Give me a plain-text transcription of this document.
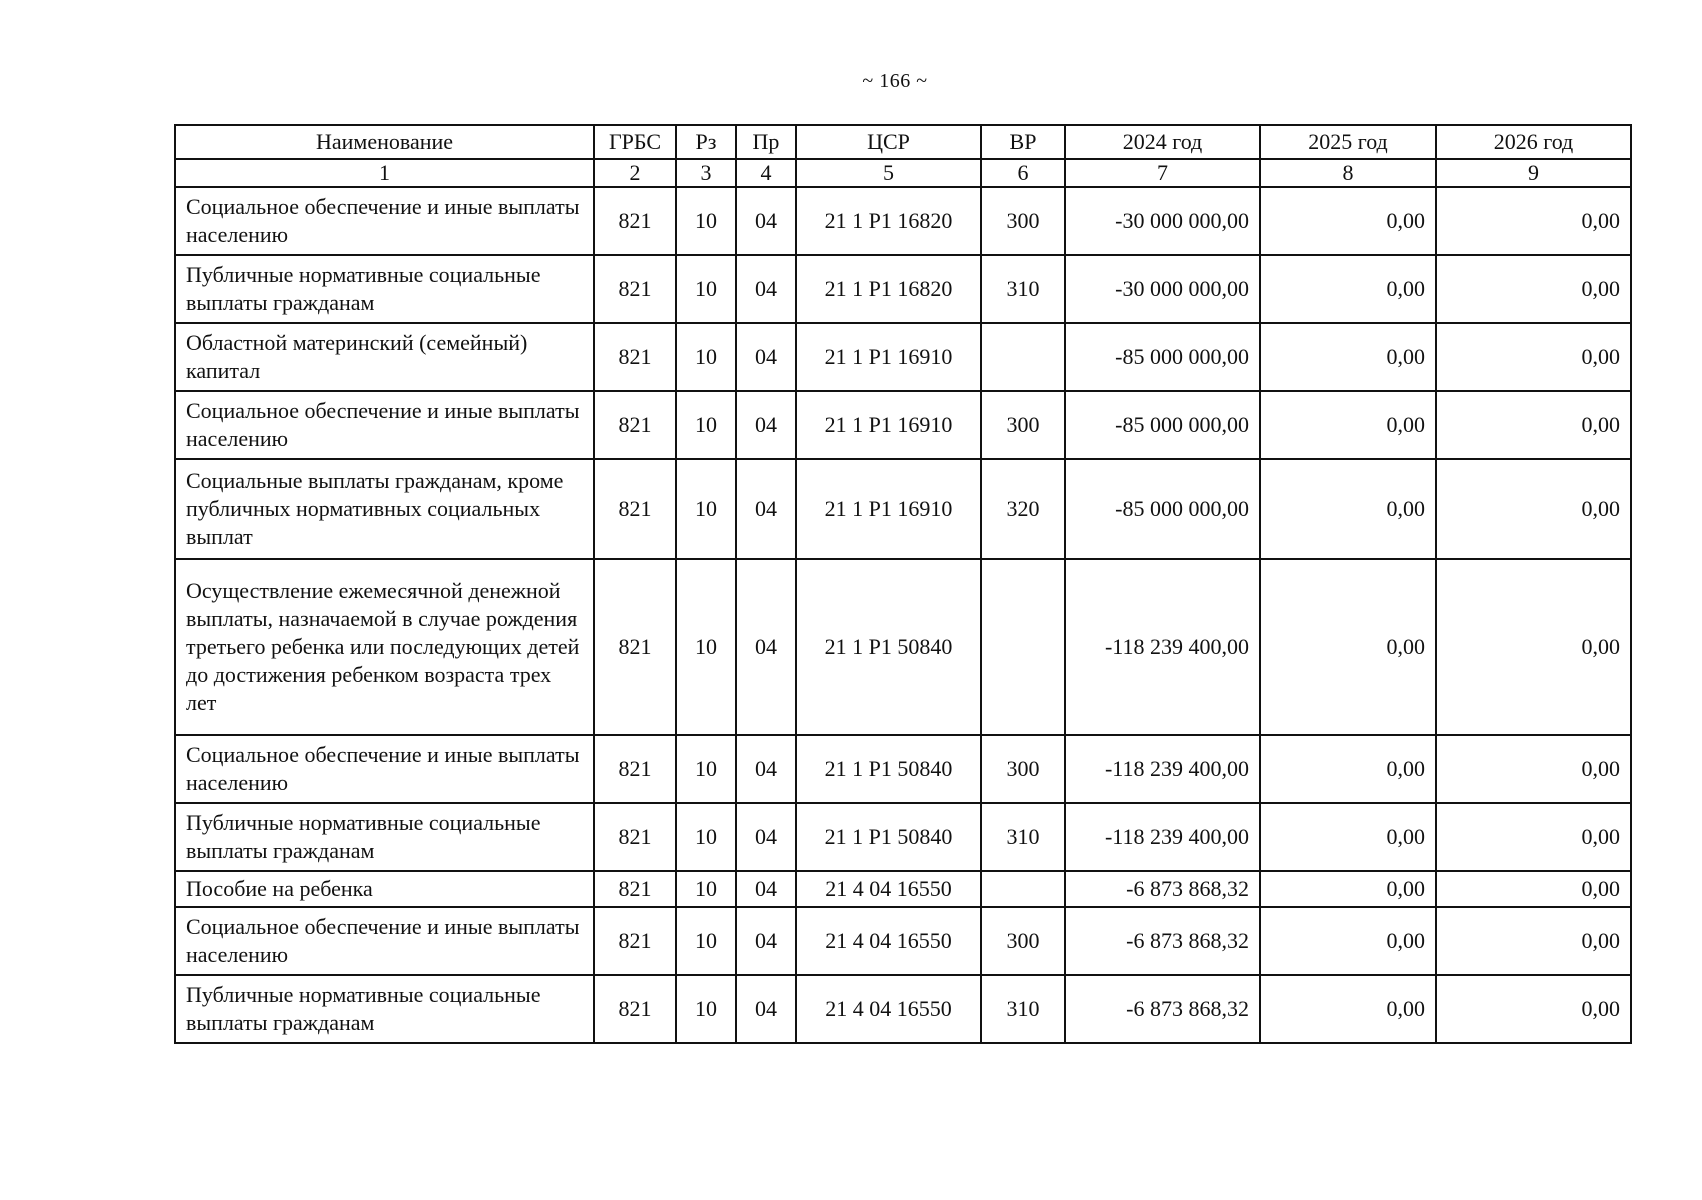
~ 166 ~
Наименование	ГРБС	Рз	Пр	ЦСР	ВР	2024 год	2025 год	2026 год
1	2	3	4	5	6	7	8	9
Социальное обеспечение и иные выплаты населению	821	10	04	21 1 P1 16820	300	-30 000 000,00	0,00	0,00
Публичные нормативные социальные выплаты гражданам	821	10	04	21 1 P1 16820	310	-30 000 000,00	0,00	0,00
Областной материнский (семейный) капитал	821	10	04	21 1 P1 16910		-85 000 000,00	0,00	0,00
Социальное обеспечение и иные выплаты населению	821	10	04	21 1 P1 16910	300	-85 000 000,00	0,00	0,00
Социальные выплаты гражданам, кроме публичных нормативных социальных выплат	821	10	04	21 1 P1 16910	320	-85 000 000,00	0,00	0,00
Осуществление ежемесячной денежной выплаты, назначаемой в случае рождения третьего ребенка или последующих детей до достижения ребенком возраста трех лет	821	10	04	21 1 P1 50840		-118 239 400,00	0,00	0,00
Социальное обеспечение и иные выплаты населению	821	10	04	21 1 P1 50840	300	-118 239 400,00	0,00	0,00
Публичные нормативные социальные выплаты гражданам	821	10	04	21 1 P1 50840	310	-118 239 400,00	0,00	0,00
Пособие на ребенка	821	10	04	21 4 04 16550		-6 873 868,32	0,00	0,00
Социальное обеспечение и иные выплаты населению	821	10	04	21 4 04 16550	300	-6 873 868,32	0,00	0,00
Публичные нормативные социальные выплаты гражданам	821	10	04	21 4 04 16550	310	-6 873 868,32	0,00	0,00
